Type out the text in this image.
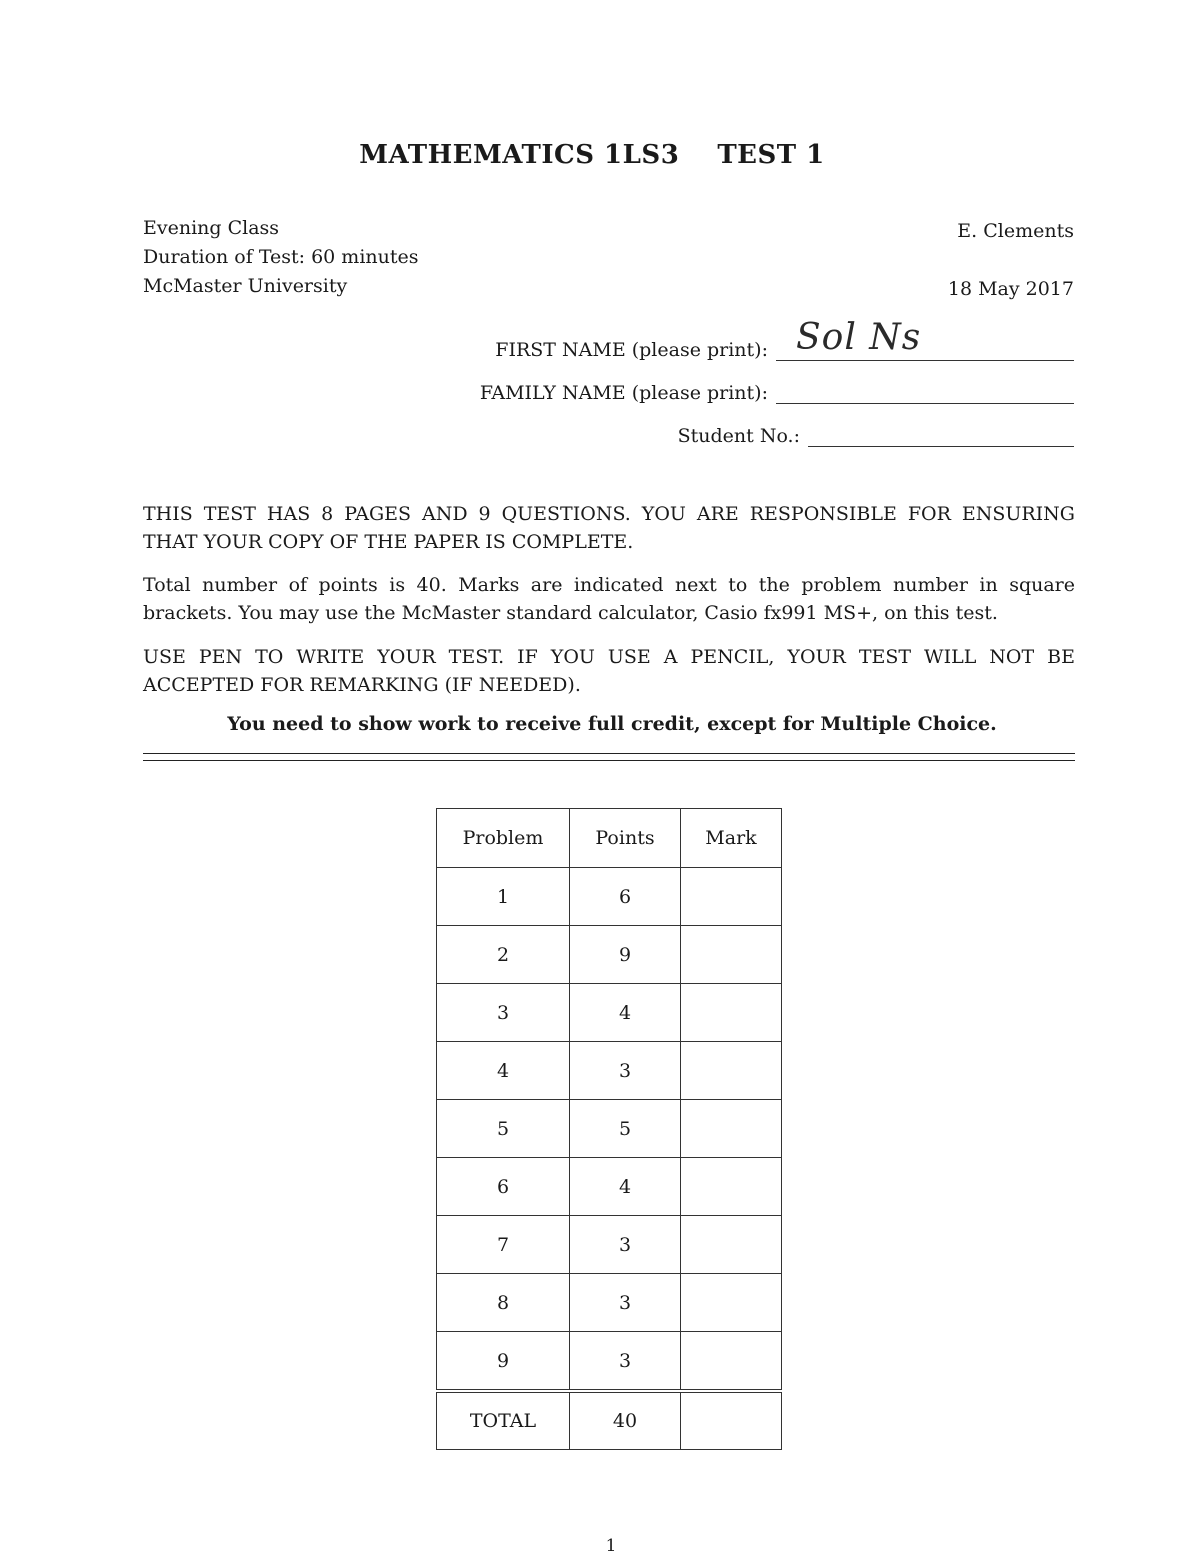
MATHEMATICS 1LS3 TEST 1
Evening Class
Duration of Test: 60 minutes
McMaster University
E. Clements
18 May 2017
FIRST NAME (please print): Sol Ns
FAMILY NAME (please print):
Student No.:
THIS TEST HAS 8 PAGES AND 9 QUESTIONS. YOU ARE RESPONSIBLE FOR ENSURING THAT YOUR COPY OF THE PAPER IS COMPLETE.
Total number of points is 40. Marks are indicated next to the problem number in square brackets. You may use the McMaster standard calculator, Casio fx991 MS+, on this test.
USE PEN TO WRITE YOUR TEST. IF YOU USE A PENCIL, YOUR TEST WILL NOT BE ACCEPTED FOR REMARKING (IF NEEDED).
You need to show work to receive full credit, except for Multiple Choice.
Problem	Points	Mark
1	6	
2	9	
3	4	
4	3	
5	5	
6	4	
7	3	
8	3	
9	3	
TOTAL	40	
1
